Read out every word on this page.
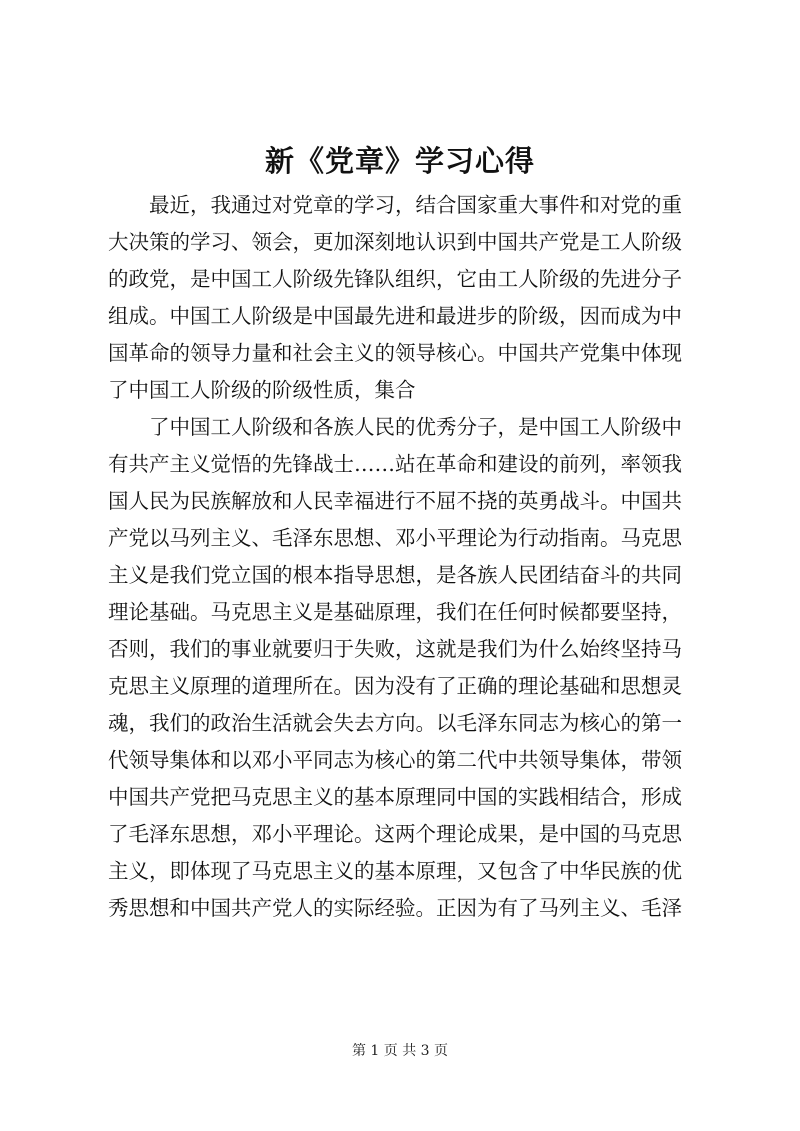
新《党章》学习心得
最近，我通过对党章的学习，结合国家重大事件和对党的重
大决策的学习、领会，更加深刻地认识到中国共产党是工人阶级
的政党，是中国工人阶级先锋队组织，它由工人阶级的先进分子
组成。中国工人阶级是中国最先进和最进步的阶级，因而成为中
国革命的领导力量和社会主义的领导核心。中国共产党集中体现
了中国工人阶级的阶级性质，集合
了中国工人阶级和各族人民的优秀分子，是中国工人阶级中
有共产主义觉悟的先锋战士……站在革命和建设的前列，率领我
国人民为民族解放和人民幸福进行不屈不挠的英勇战斗。中国共
产党以马列主义、毛泽东思想、邓小平理论为行动指南。马克思
主义是我们党立国的根本指导思想，是各族人民团结奋斗的共同
理论基础。马克思主义是基础原理，我们在任何时候都要坚持，
否则，我们的事业就要归于失败，这就是我们为什么始终坚持马
克思主义原理的道理所在。因为没有了正确的理论基础和思想灵
魂，我们的政治生活就会失去方向。以毛泽东同志为核心的第一
代领导集体和以邓小平同志为核心的第二代中共领导集体，带领
中国共产党把马克思主义的基本原理同中国的实践相结合，形成
了毛泽东思想，邓小平理论。这两个理论成果，是中国的马克思
主义，即体现了马克思主义的基本原理，又包含了中华民族的优
秀思想和中国共产党人的实际经验。正因为有了马列主义、毛泽
第 1 页 共 3 页
